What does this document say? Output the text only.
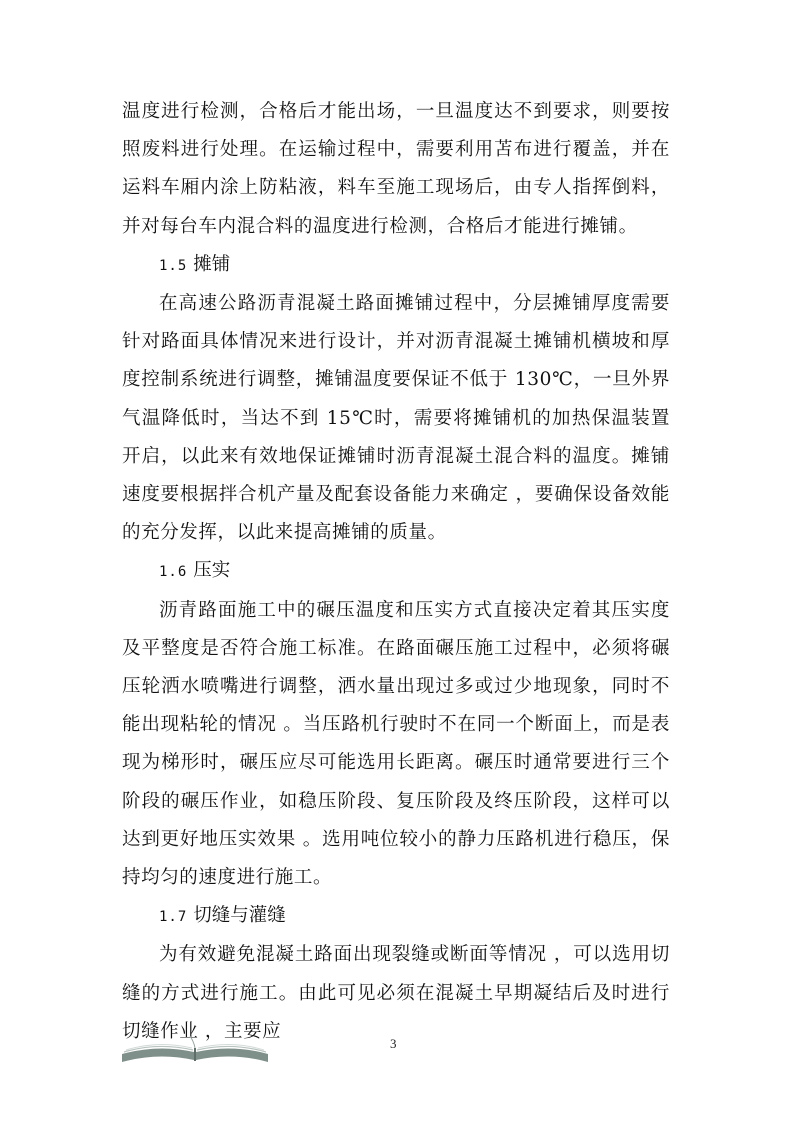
温度进行检测，合格后才能出场，一旦温度达不到要求，则要按照废料进行处理。在运输过程中，需要利用苫布进行覆盖，并在运料车厢内涂上防粘液，料车至施工现场后，由专人指挥倒料，并对每台车内混合料的温度进行检测，合格后才能进行摊铺。

1.5 摊铺

在高速公路沥青混凝土路面摊铺过程中，分层摊铺厚度需要针对路面具体情况来进行设计，并对沥青混凝土摊铺机横坡和厚度控制系统进行调整，摊铺温度要保证不低于 130℃，一旦外界气温降低时，当达不到 15℃时，需要将摊铺机的加热保温装置开启，以此来有效地保证摊铺时沥青混凝土混合料的温度。摊铺速度要根据拌合机产量及配套设备能力来确定 ，要确保设备效能的充分发挥，以此来提高摊铺的质量。

1.6 压实

沥青路面施工中的碾压温度和压实方式直接决定着其压实度及平整度是否符合施工标准。在路面碾压施工过程中，必须将碾压轮洒水喷嘴进行调整，洒水量出现过多或过少地现象，同时不能出现粘轮的情况 。当压路机行驶时不在同一个断面上，而是表现为梯形时，碾压应尽可能选用长距离。碾压时通常要进行三个阶段的碾压作业，如稳压阶段、复压阶段及终压阶段，这样可以达到更好地压实效果 。选用吨位较小的静力压路机进行稳压，保持均匀的速度进行施工。

1.7 切缝与灌缝

为有效避免混凝土路面出现裂缝或断面等情况 ，可以选用切缝的方式进行施工。由此可见必须在混凝土早期凝结后及时进行切缝作业 ，主要应

3
